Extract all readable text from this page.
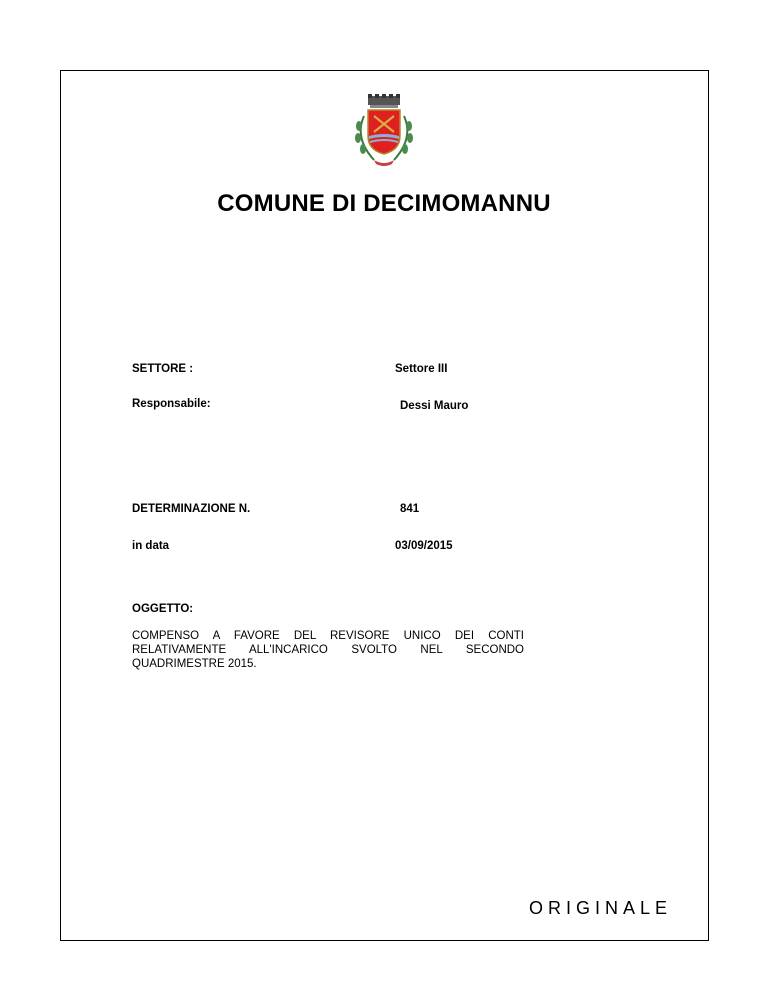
COMUNE DI DECIMOMANNU
SETTORE :	Settore III
Responsabile:	Dessi Mauro
DETERMINAZIONE N.	841
in data	03/09/2015
OGGETTO:
COMPENSO A FAVORE DEL REVISORE UNICO DEI CONTI RELATIVAMENTE ALL'INCARICO SVOLTO NEL SECONDO QUADRIMESTRE 2015.
ORIGINALE
